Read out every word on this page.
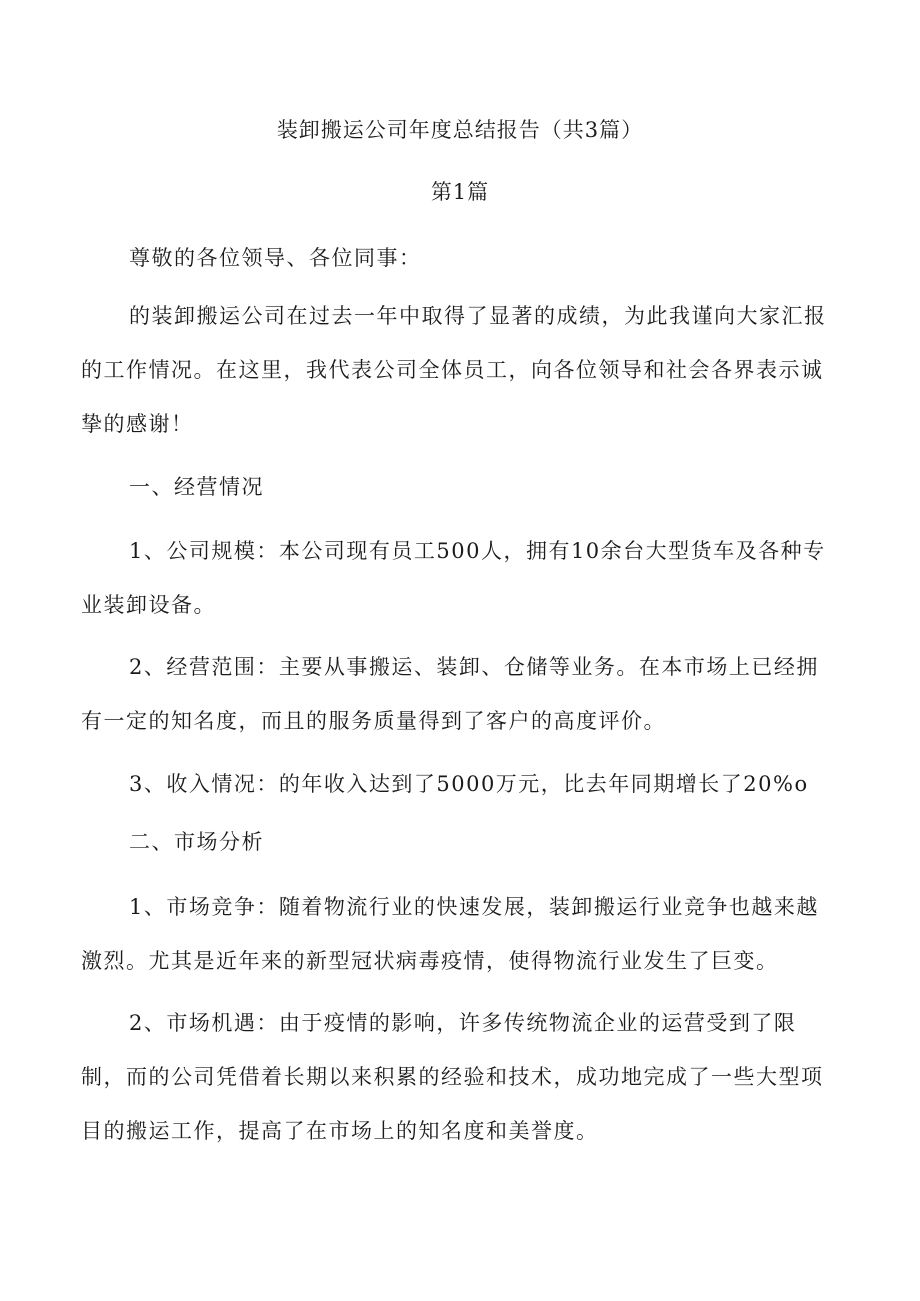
装卸搬运公司年度总结报告（共3篇）
第1篇

尊敬的各位领导、各位同事：

的装卸搬运公司在过去一年中取得了显著的成绩，为此我谨向大家汇报的工作情况。在这里，我代表公司全体员工，向各位领导和社会各界表示诚挚的感谢！

一、经营情况

1、公司规模：本公司现有员工500人，拥有10余台大型货车及各种专业装卸设备。

2、经营范围：主要从事搬运、装卸、仓储等业务。在本市场上已经拥有一定的知名度，而且的服务质量得到了客户的高度评价。

3、收入情况：的年收入达到了5000万元，比去年同期增长了20%o

二、市场分析

1、市场竞争：随着物流行业的快速发展，装卸搬运行业竞争也越来越激烈。尤其是近年来的新型冠状病毒疫情，使得物流行业发生了巨变。

2、市场机遇：由于疫情的影响，许多传统物流企业的运营受到了限制，而的公司凭借着长期以来积累的经验和技术，成功地完成了一些大型项目的搬运工作，提高了在市场上的知名度和美誉度。
